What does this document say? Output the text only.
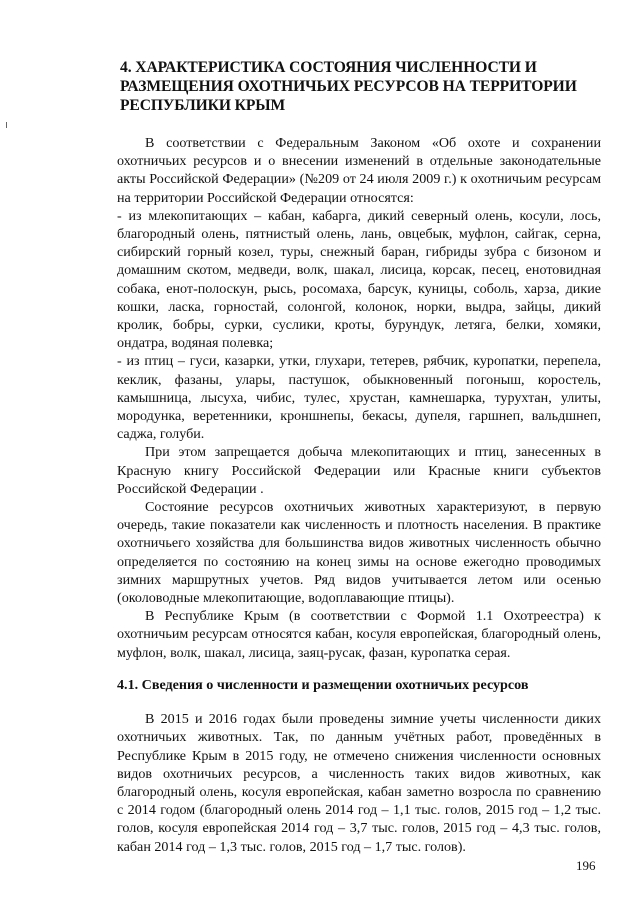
4. ХАРАКТЕРИСТИКА СОСТОЯНИЯ ЧИСЛЕННОСТИ И РАЗМЕЩЕНИЯ ОХОТНИЧЬИХ РЕСУРСОВ НА ТЕРРИТОРИИ РЕСПУБЛИКИ КРЫМ

В соответствии с Федеральным Законом «Об охоте и сохранении охотничьих ресурсов и о внесении изменений в отдельные законодательные акты Российской Федерации» (№209 от 24 июля 2009 г.) к охотничьим ресурсам на территории Российской Федерации относятся:

- из млекопитающих – кабан, кабарга, дикий северный олень, косули, лось, благородный олень, пятнистый олень, лань, овцебык, муфлон, сайгак, серна, сибирский горный козел, туры, снежный баран, гибриды зубра с бизоном и домашним скотом, медведи, волк, шакал, лисица, корсак, песец, енотовидная собака, енот-полоскун, рысь, росомаха, барсук, куницы, соболь, харза, дикие кошки, ласка, горностай, солонгой, колонок, норки, выдра, зайцы, дикий кролик, бобры, сурки, суслики, кроты, бурундук, летяга, белки, хомяки, ондатра, водяная полевка;

- из птиц – гуси, казарки, утки, глухари, тетерев, рябчик, куропатки, перепела, кеклик, фазаны, улары, пастушок, обыкновенный погоныш, коростель, камышница, лысуха, чибис, тулес, хрустан, камнешарка, турухтан, улиты, мородунка, веретенники, кроншнепы, бекасы, дупеля, гаршнеп, вальдшнеп, саджа, голуби.

При этом запрещается добыча млекопитающих и птиц, занесенных в Красную книгу Российской Федерации или Красные книги субъектов Российской Федерации .

Состояние ресурсов охотничьих животных характеризуют, в первую очередь, такие показатели как численность и плотность населения. В практике охотничьего хозяйства для большинства видов животных численность обычно определяется по состоянию на конец зимы на основе ежегодно проводимых зимних маршрутных учетов. Ряд видов учитывается летом или осенью (околоводные млекопитающие, водоплавающие птицы).

В Республике Крым (в соответствии с Формой 1.1 Охотреестра) к охотничьим ресурсам относятся кабан, косуля европейская, благородный олень, муфлон, волк, шакал, лисица, заяц-русак, фазан, куропатка серая.

4.1. Сведения о численности и размещении охотничьих ресурсов

В 2015 и 2016 годах были проведены зимние учеты численности диких охотничьих животных. Так, по данным учётных работ, проведённых в Республике Крым в 2015 году, не отмечено снижения численности основных видов охотничьих ресурсов, а численность таких видов животных, как благородный олень, косуля европейская, кабан заметно возросла по сравнению с 2014 годом (благородный олень 2014 год – 1,1 тыс. голов, 2015 год – 1,2 тыс. голов, косуля европейская 2014 год – 3,7 тыс. голов, 2015 год – 4,3 тыс. голов, кабан 2014 год – 1,3 тыс. голов, 2015 год – 1,7 тыс. голов).

196
